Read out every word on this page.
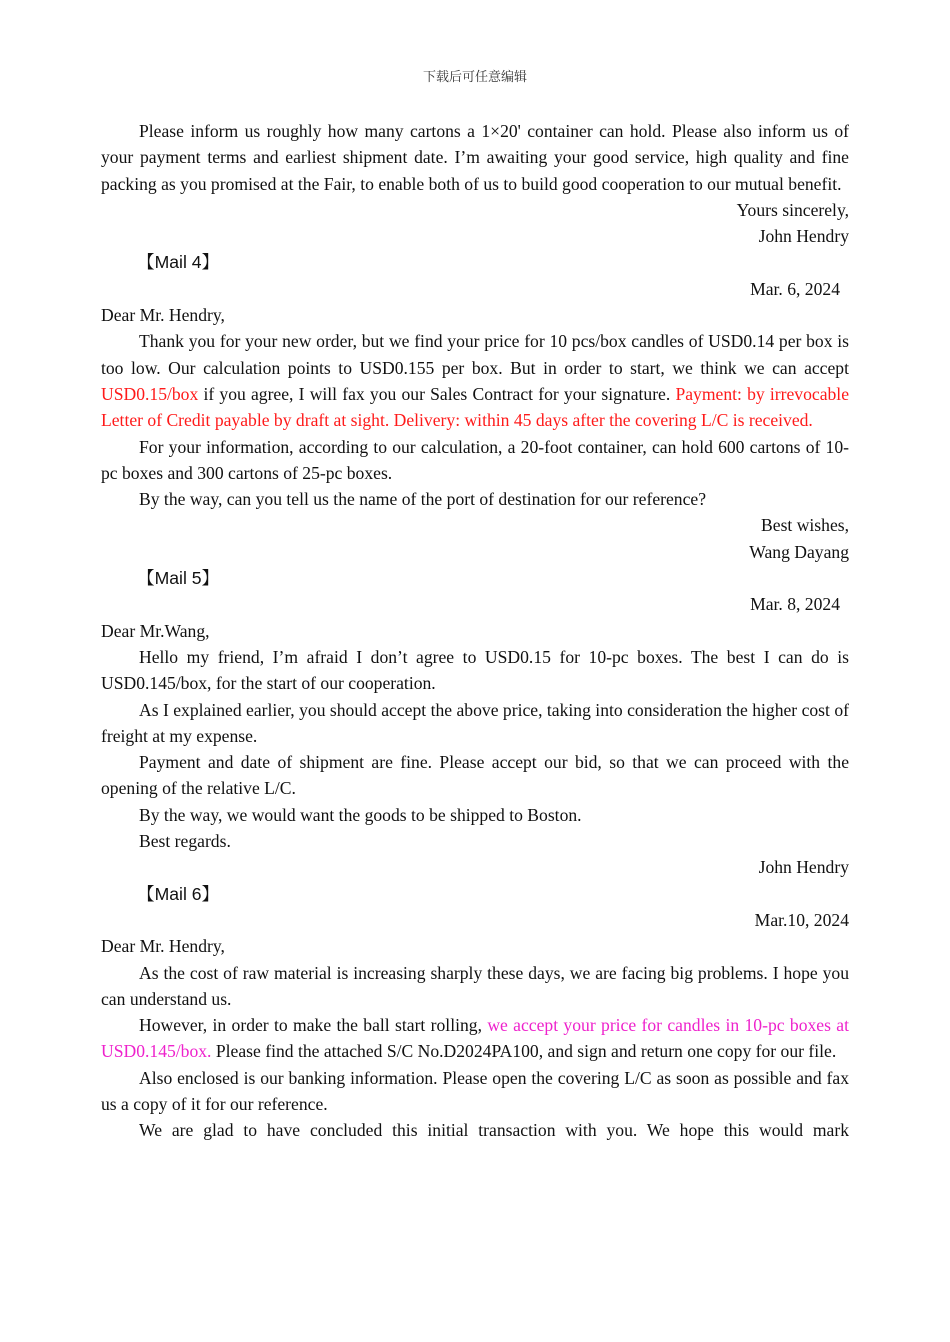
下载后可任意编辑

Please inform us roughly how many cartons a 1×20' container can hold. Please also inform us of your payment terms and earliest shipment date. I’m awaiting your good service, high quality and fine packing as you promised at the Fair, to enable both of us to build good cooperation to our mutual benefit.

Yours sincerely,

John Hendry

【Mail 4】

Mar. 6, 2024

Dear Mr. Hendry,

Thank you for your new order, but we find your price for 10 pcs/box candles of USD0.14 per box is too low. Our calculation points to USD0.155 per box. But in order to start, we think we can accept USD0.15/box if you agree, I will fax you our Sales Contract for your signature. Payment: by irrevocable Letter of Credit payable by draft at sight. Delivery: within 45 days after the covering L/C is received.

For your information, according to our calculation, a 20-foot container, can hold 600 cartons of 10-pc boxes and 300 cartons of 25-pc boxes.

By the way, can you tell us the name of the port of destination for our reference?

Best wishes,

Wang Dayang

【Mail 5】

Mar. 8, 2024

Dear Mr.Wang,

Hello my friend, I’m afraid I don’t agree to USD0.15 for 10-pc boxes. The best I can do is USD0.145/box, for the start of our cooperation.

As I explained earlier, you should accept the above price, taking into consideration the higher cost of freight at my expense.

Payment and date of shipment are fine. Please accept our bid, so that we can proceed with the opening of the relative L/C.

By the way, we would want the goods to be shipped to Boston.

Best regards.

John Hendry

【Mail 6】

Mar.10, 2024

Dear Mr. Hendry,

As the cost of raw material is increasing sharply these days, we are facing big problems. I hope you can understand us.

However, in order to make the ball start rolling, we accept your price for candles in 10-pc boxes at USD0.145/box. Please find the attached S/C No.D2024PA100, and sign and return one copy for our file.

Also enclosed is our banking information. Please open the covering L/C as soon as possible and fax us a copy of it for our reference.

We are glad to have concluded this initial transaction with you. We hope this would mark
